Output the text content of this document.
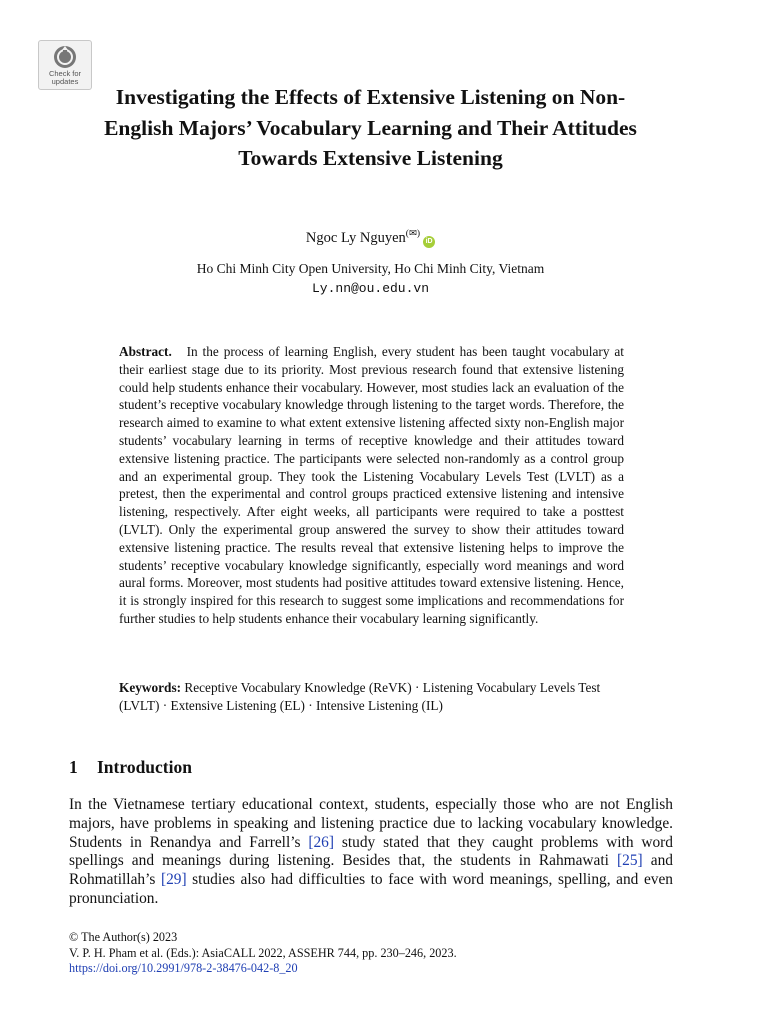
Check for
updates
Investigating the Effects of Extensive Listening on Non-English Majors’ Vocabulary Learning and Their Attitudes Towards Extensive Listening
Ngoc Ly Nguyen(✉)iD
Ho Chi Minh City Open University, Ho Chi Minh City, Vietnam
Ly.nn@ou.edu.vn
Abstract. In the process of learning English, every student has been taught vocabulary at their earliest stage due to its priority. Most previous research found that extensive listening could help students enhance their vocabulary. However, most studies lack an evaluation of the student’s receptive vocabulary knowledge through listening to the target words. Therefore, the research aimed to examine to what extent extensive listening affected sixty non-English major students’ vocabulary learning in terms of receptive knowledge and their attitudes toward extensive listening practice. The participants were selected non-randomly as a control group and an experimental group. They took the Listening Vocabulary Levels Test (LVLT) as a pretest, then the experimental and control groups practiced extensive listening and intensive listening, respectively. After eight weeks, all participants were required to take a posttest (LVLT). Only the experimental group answered the survey to show their attitudes toward extensive listening practice. The results reveal that extensive listening helps to improve the students’ receptive vocabulary knowledge significantly, especially word meanings and word aural forms. Moreover, most students had positive attitudes toward extensive listening. Hence, it is strongly inspired for this research to suggest some implications and recommendations for further studies to help students enhance their vocabulary learning significantly.
Keywords: Receptive Vocabulary Knowledge (ReVK) · Listening Vocabulary Levels Test (LVLT) · Extensive Listening (EL) · Intensive Listening (IL)
1 Introduction
In the Vietnamese tertiary educational context, students, especially those who are not English majors, have problems in speaking and listening practice due to lacking vocabulary knowledge. Students in Renandya and Farrell’s [26] study stated that they caught problems with word spellings and meanings during listening. Besides that, the students in Rahmawati [25] and Rohmatillah’s [29] studies also had difficulties to face with word meanings, spelling, and even pronunciation.
© The Author(s) 2023
V. P. H. Pham et al. (Eds.): AsiaCALL 2022, ASSEHR 744, pp. 230–246, 2023.
https://doi.org/10.2991/978-2-38476-042-8_20
